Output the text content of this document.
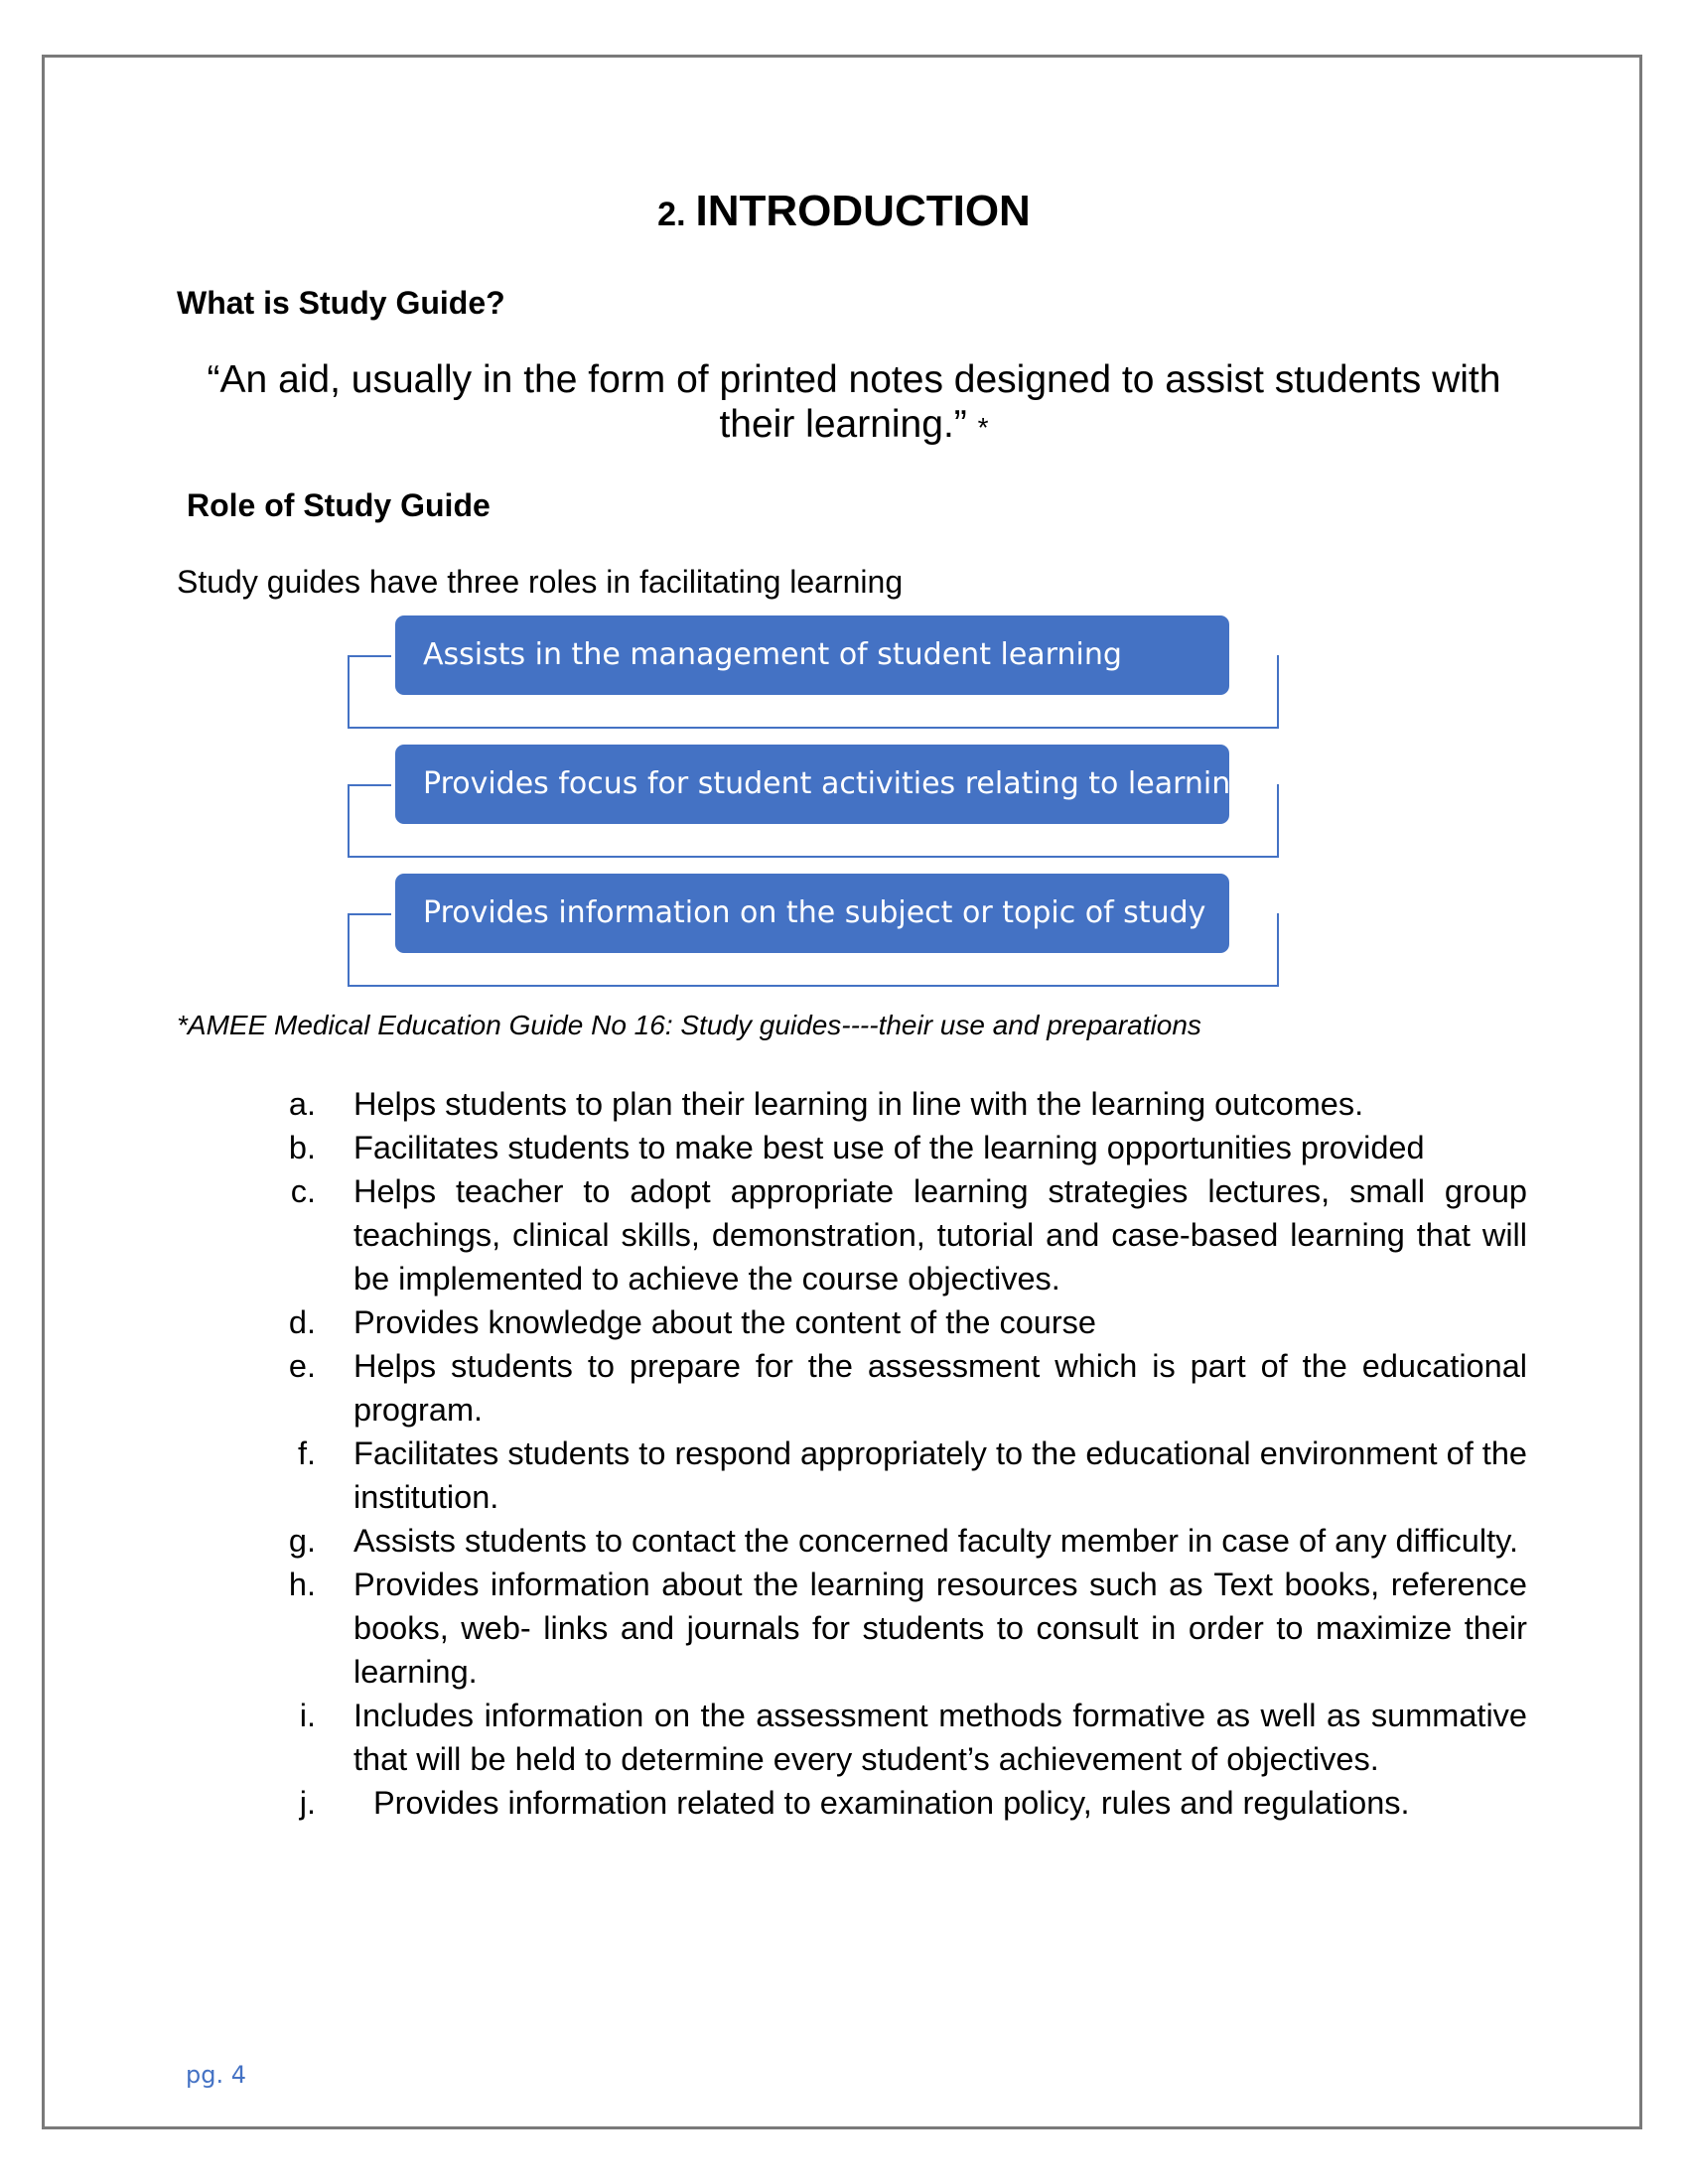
2. INTRODUCTION
What is Study Guide?
“An aid, usually in the form of printed notes designed to assist students with their learning.” *
Role of Study Guide
Study guides have three roles in facilitating learning
Assists in the management of student learning
Provides focus for student activities relating to learning
Provides information on the subject or topic of study
*AMEE Medical Education Guide No 16: Study guides----their use and preparations
a. Helps students to plan their learning in line with the learning outcomes.
b. Facilitates students to make best use of the learning opportunities provided
c. Helps teacher to adopt appropriate learning strategies lectures, small group teachings, clinical skills, demonstration, tutorial and case-based learning that will be implemented to achieve the course objectives.
d. Provides knowledge about the content of the course
e. Helps students to prepare for the assessment which is part of the educational program.
f. Facilitates students to respond appropriately to the educational environment of the institution.
g. Assists students to contact the concerned faculty member in case of any difficulty.
h. Provides information about the learning resources such as Text books, reference books, web- links and journals for students to consult in order to maximize their learning.
i. Includes information on the assessment methods formative as well as summative that will be held to determine every student’s achievement of objectives.
j. Provides information related to examination policy, rules and regulations.
pg. 4
